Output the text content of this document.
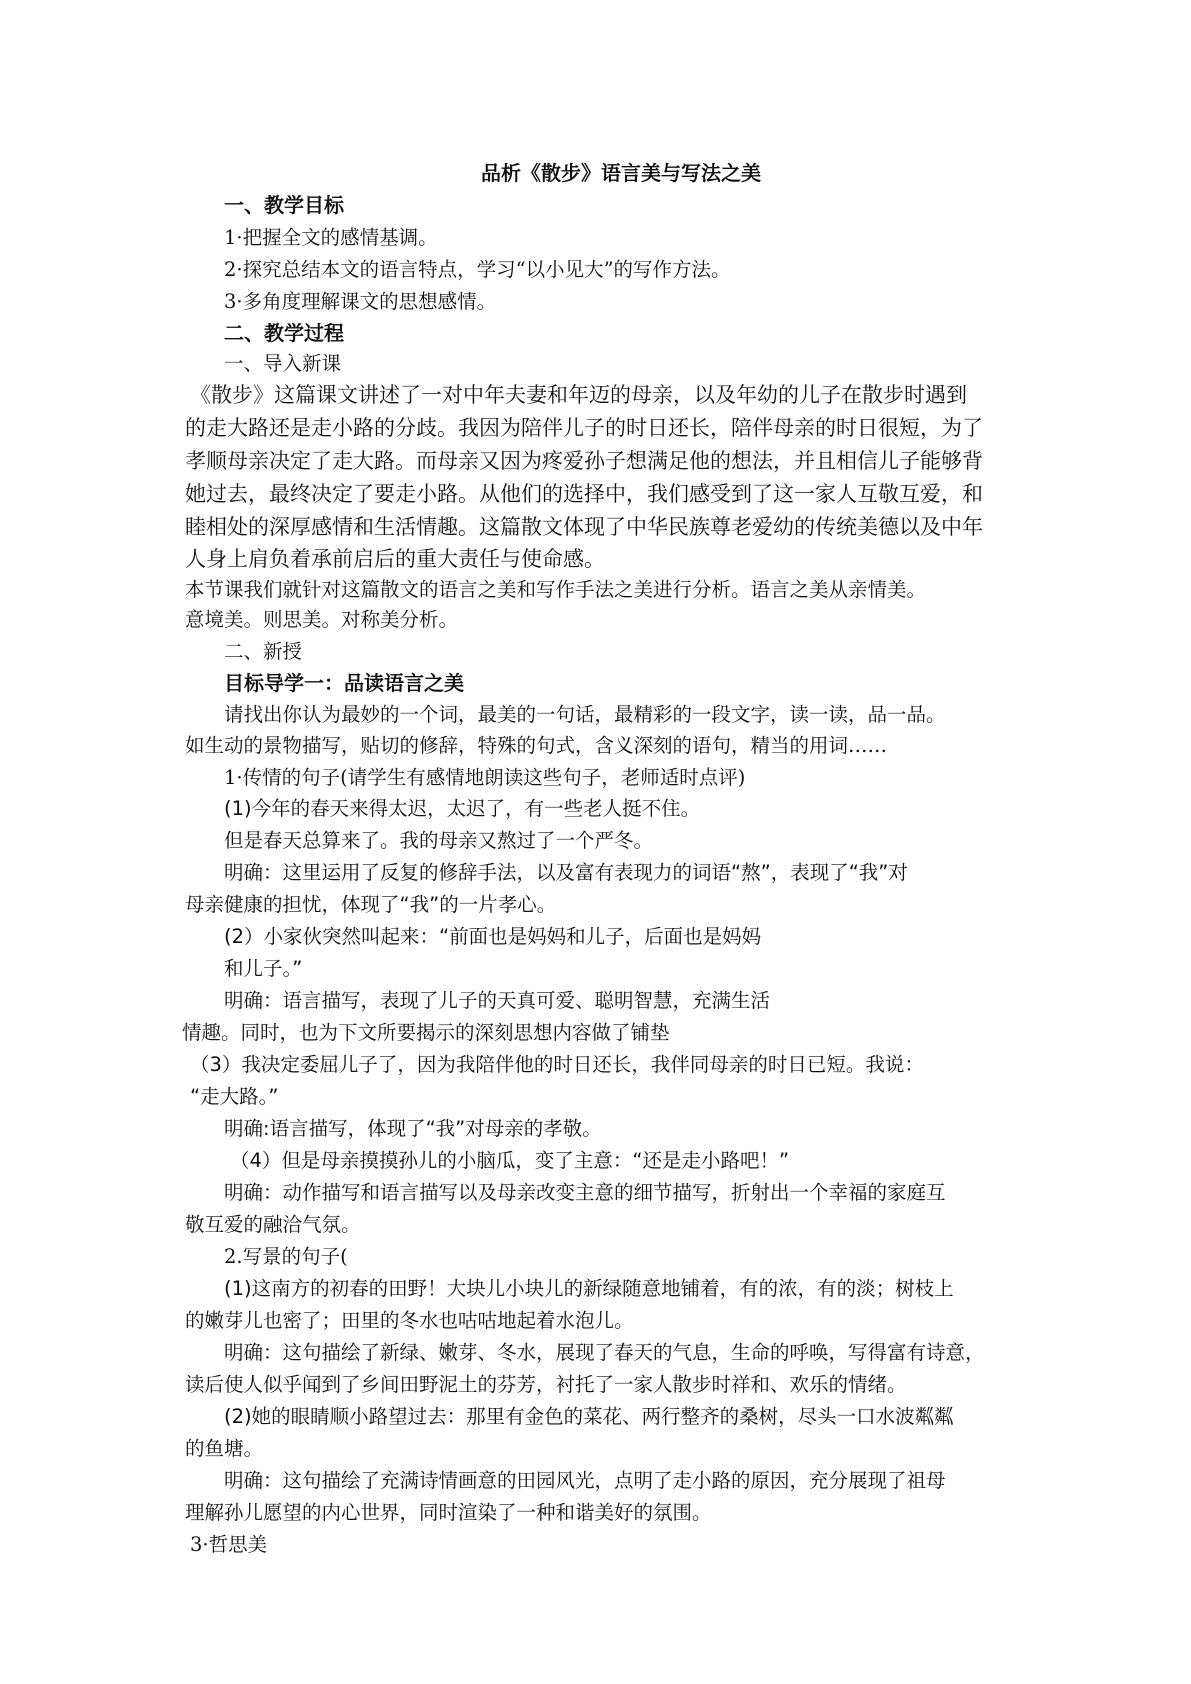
品析《散步》语言美与写法之美
一、教学目标
1·把握全文的感情基调。
2·探究总结本文的语言特点，学习“以小见大”的写作方法。
3·多角度理解课文的思想感情。
二、教学过程
一、导入新课
《散步》这篇课文讲述了一对中年夫妻和年迈的母亲，以及年幼的儿子在散步时遇到
的走大路还是走小路的分歧。我因为陪伴儿子的时日还长，陪伴母亲的时日很短，为了
孝顺母亲决定了走大路。而母亲又因为疼爱孙子想满足他的想法，并且相信儿子能够背
她过去，最终决定了要走小路。从他们的选择中，我们感受到了这一家人互敬互爱，和
睦相处的深厚感情和生活情趣。这篇散文体现了中华民族尊老爱幼的传统美德以及中年
人身上肩负着承前启后的重大责任与使命感。
本节课我们就针对这篇散文的语言之美和写作手法之美进行分析。语言之美从亲情美。
意境美。则思美。对称美分析。
二、新授
目标导学一：品读语言之美
请找出你认为最妙的一个词，最美的一句话，最精彩的一段文字，读一读，品一品。
如生动的景物描写，贴切的修辞，特殊的句式，含义深刻的语句，精当的用词……
1·传情的句子(请学生有感情地朗读这些句子，老师适时点评)
(1)今年的春天来得太迟，太迟了，有一些老人挺不住。
但是春天总算来了。我的母亲又熬过了一个严冬。
明确：这里运用了反复的修辞手法，以及富有表现力的词语“熬”，表现了“我”对
母亲健康的担忧，体现了“我”的一片孝心。
(2）小家伙突然叫起来：“前面也是妈妈和儿子，后面也是妈妈
和儿子。”
明确：语言描写，表现了儿子的天真可爱、聪明智慧，充满生活
情趣。同时，也为下文所要揭示的深刻思想内容做了铺垫
（3）我决定委屈儿子了，因为我陪伴他的时日还长，我伴同母亲的时日已短。我说：
“走大路。”
明确:语言描写，体现了“我”对母亲的孝敬。
（4）但是母亲摸摸孙儿的小脑瓜，变了主意：“还是走小路吧！”
明确：动作描写和语言描写以及母亲改变主意的细节描写，折射出一个幸福的家庭互
敬互爱的融洽气氛。
2.写景的句子(
(1)这南方的初春的田野！大块儿小块儿的新绿随意地铺着，有的浓，有的淡；树枝上
的嫩芽儿也密了；田里的冬水也咕咕地起着水泡儿。
明确：这句描绘了新绿、嫩芽、冬水，展现了春天的气息，生命的呼唤，写得富有诗意，
读后使人似乎闻到了乡间田野泥土的芬芳，衬托了一家人散步时祥和、欢乐的情绪。
(2)她的眼睛顺小路望过去：那里有金色的菜花、两行整齐的桑树，尽头一口水波粼粼
的鱼塘。
明确：这句描绘了充满诗情画意的田园风光，点明了走小路的原因，充分展现了祖母
理解孙儿愿望的内心世界，同时渲染了一种和谐美好的氛围。
3·哲思美
